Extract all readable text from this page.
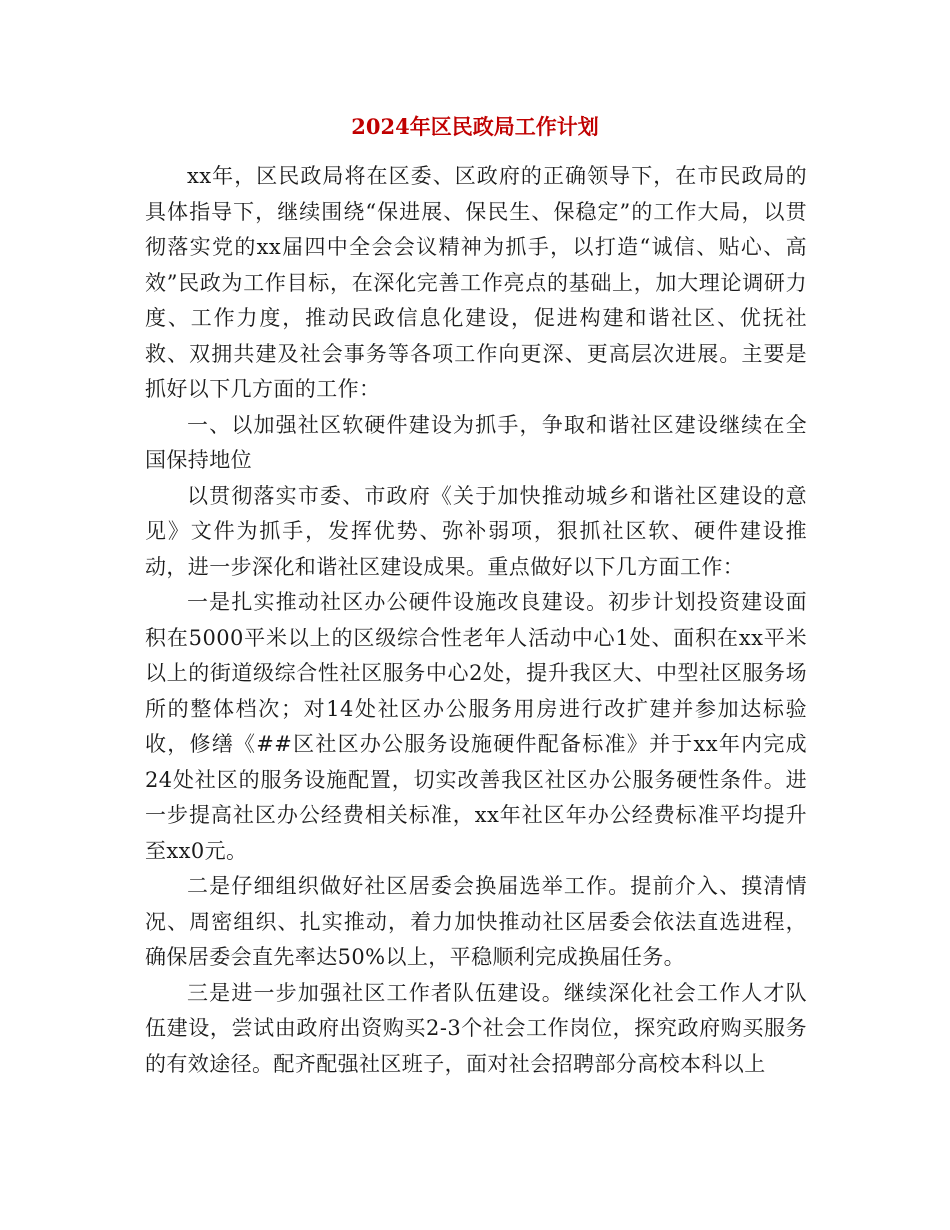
2024年区民政局工作计划

xx年，区民政局将在区委、区政府的正确领导下，在市民政局的具体指导下，继续围绕“保进展、保民生、保稳定”的工作大局，以贯彻落实党的xx届四中全会会议精神为抓手，以打造“诚信、贴心、高效”民政为工作目标，在深化完善工作亮点的基础上，加大理论调研力度、工作力度，推动民政信息化建设，促进构建和谐社区、优抚社救、双拥共建及社会事务等各项工作向更深、更高层次进展。主要是抓好以下几方面的工作：

一、以加强社区软硬件建设为抓手，争取和谐社区建设继续在全国保持地位

以贯彻落实市委、市政府《关于加快推动城乡和谐社区建设的意见》文件为抓手，发挥优势、弥补弱项，狠抓社区软、硬件建设推动，进一步深化和谐社区建设成果。重点做好以下几方面工作：

一是扎实推动社区办公硬件设施改良建设。初步计划投资建设面积在5000平米以上的区级综合性老年人活动中心1处、面积在xx平米以上的街道级综合性社区服务中心2处，提升我区大、中型社区服务场所的整体档次；对14处社区办公服务用房进行改扩建并参加达标验收，修缮《##区社区办公服务设施硬件配备标准》并于xx年内完成24处社区的服务设施配置，切实改善我区社区办公服务硬性条件。进一步提高社区办公经费相关标准，xx年社区年办公经费标准平均提升至xx0元。

二是仔细组织做好社区居委会换届选举工作。提前介入、摸清情况、周密组织、扎实推动，着力加快推动社区居委会依法直选进程，确保居委会直先率达50%以上，平稳顺利完成换届任务。

三是进一步加强社区工作者队伍建设。继续深化社会工作人才队伍建设，尝试由政府出资购买2-3个社会工作岗位，探究政府购买服务的有效途径。配齐配强社区班子，面对社会招聘部分高校本科以上
